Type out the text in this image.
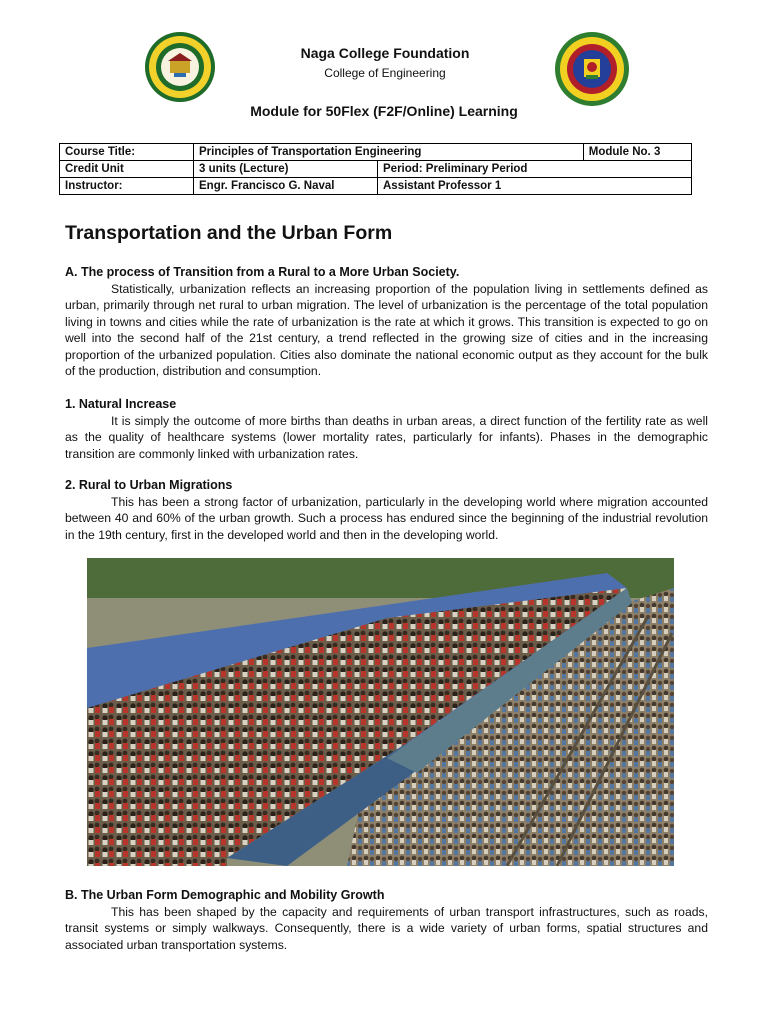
Naga College Foundation
College of Engineering
Module for 50Flex (F2F/Online) Learning
Course Title:	Principles of Transportation Engineering		Module No. 3
Credit Unit	3 units (Lecture)	Period: Preliminary Period	
Instructor:	Engr. Francisco G. Naval	Assistant Professor 1	
Transportation and the Urban Form
A. The process of Transition from a Rural to a More Urban Society.
Statistically, urbanization reflects an increasing proportion of the population living in settlements defined as urban, primarily through net rural to urban migration. The level of urbanization is the percentage of the total population living in towns and cities while the rate of urbanization is the rate at which it grows. This transition is expected to go on well into the second half of the 21st century, a trend reflected in the growing size of cities and in the increasing proportion of the urbanized population. Cities also dominate the national economic output as they account for the bulk of the production, distribution and consumption.
1. Natural Increase
It is simply the outcome of more births than deaths in urban areas, a direct function of the fertility rate as well as the quality of healthcare systems (lower mortality rates, particularly for infants). Phases in the demographic transition are commonly linked with urbanization rates.
2. Rural to Urban Migrations
This has been a strong factor of urbanization, particularly in the developing world where migration accounted between 40 and 60% of the urban growth. Such a process has endured since the beginning of the industrial revolution in the 19th century, first in the developed world and then in the developing world.
B. The Urban Form Demographic and Mobility Growth
This has been shaped by the capacity and requirements of urban transport infrastructures, such as roads, transit systems or simply walkways. Consequently, there is a wide variety of urban forms, spatial structures and associated urban transportation systems.
